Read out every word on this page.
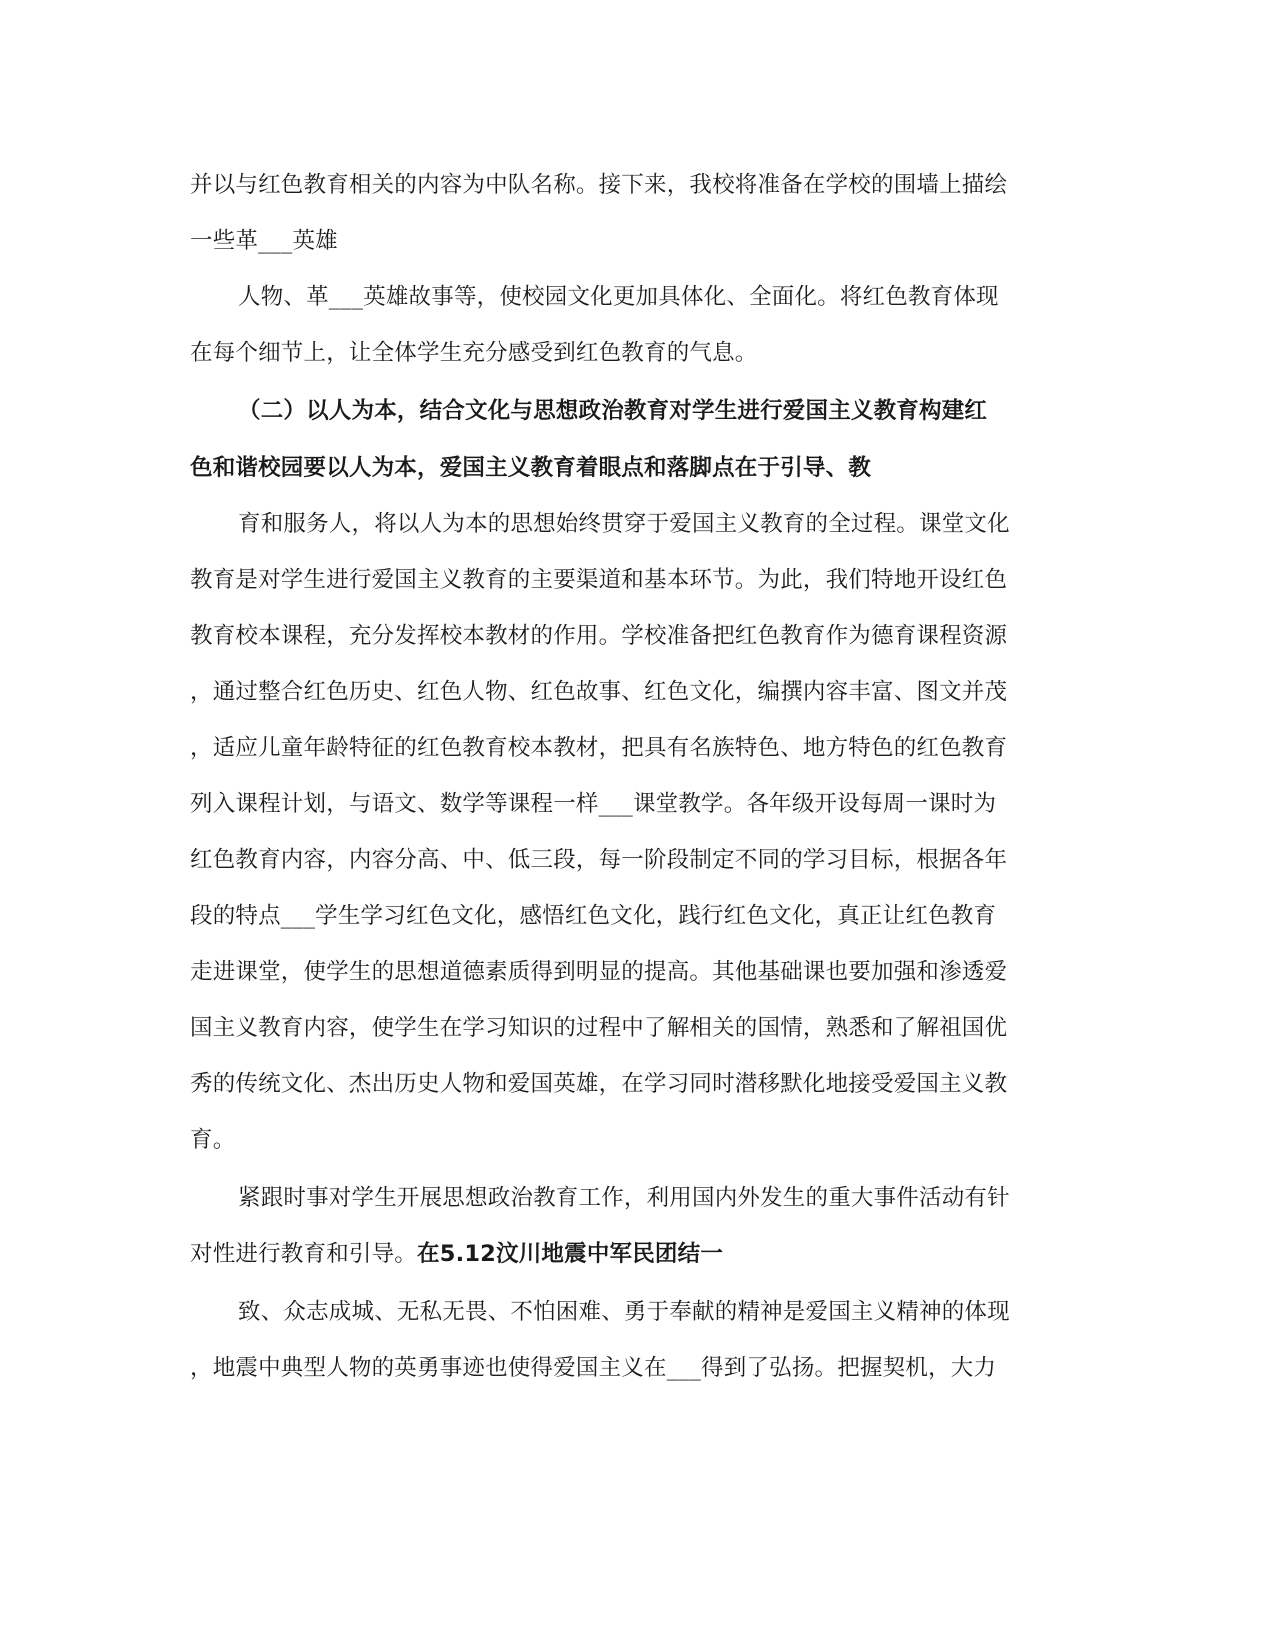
并以与红色教育相关的内容为中队名称。接下来，我校将准备在学校的围墙上描绘
一些革___英雄
人物、革___英雄故事等，使校园文化更加具体化、全面化。将红色教育体现
在每个细节上，让全体学生充分感受到红色教育的气息。
（二）以人为本，结合文化与思想政治教育对学生进行爱国主义教育构建红
色和谐校园要以人为本，爱国主义教育着眼点和落脚点在于引导、教
育和服务人，将以人为本的思想始终贯穿于爱国主义教育的全过程。课堂文化
教育是对学生进行爱国主义教育的主要渠道和基本环节。为此，我们特地开设红色
教育校本课程，充分发挥校本教材的作用。学校准备把红色教育作为德育课程资源
，通过整合红色历史、红色人物、红色故事、红色文化，编撰内容丰富、图文并茂
，适应儿童年龄特征的红色教育校本教材，把具有名族特色、地方特色的红色教育
列入课程计划，与语文、数学等课程一样___课堂教学。各年级开设每周一课时为
红色教育内容，内容分高、中、低三段，每一阶段制定不同的学习目标，根据各年
段的特点___学生学习红色文化，感悟红色文化，践行红色文化，真正让红色教育
走进课堂，使学生的思想道德素质得到明显的提高。其他基础课也要加强和渗透爱
国主义教育内容，使学生在学习知识的过程中了解相关的国情，熟悉和了解祖国优
秀的传统文化、杰出历史人物和爱国英雄，在学习同时潜移默化地接受爱国主义教
育。
紧跟时事对学生开展思想政治教育工作，利用国内外发生的重大事件活动有针
对性进行教育和引导。在5.12汶川地震中军民团结一
致、众志成城、无私无畏、不怕困难、勇于奉献的精神是爱国主义精神的体现
，地震中典型人物的英勇事迹也使得爱国主义在___得到了弘扬。把握契机，大力
